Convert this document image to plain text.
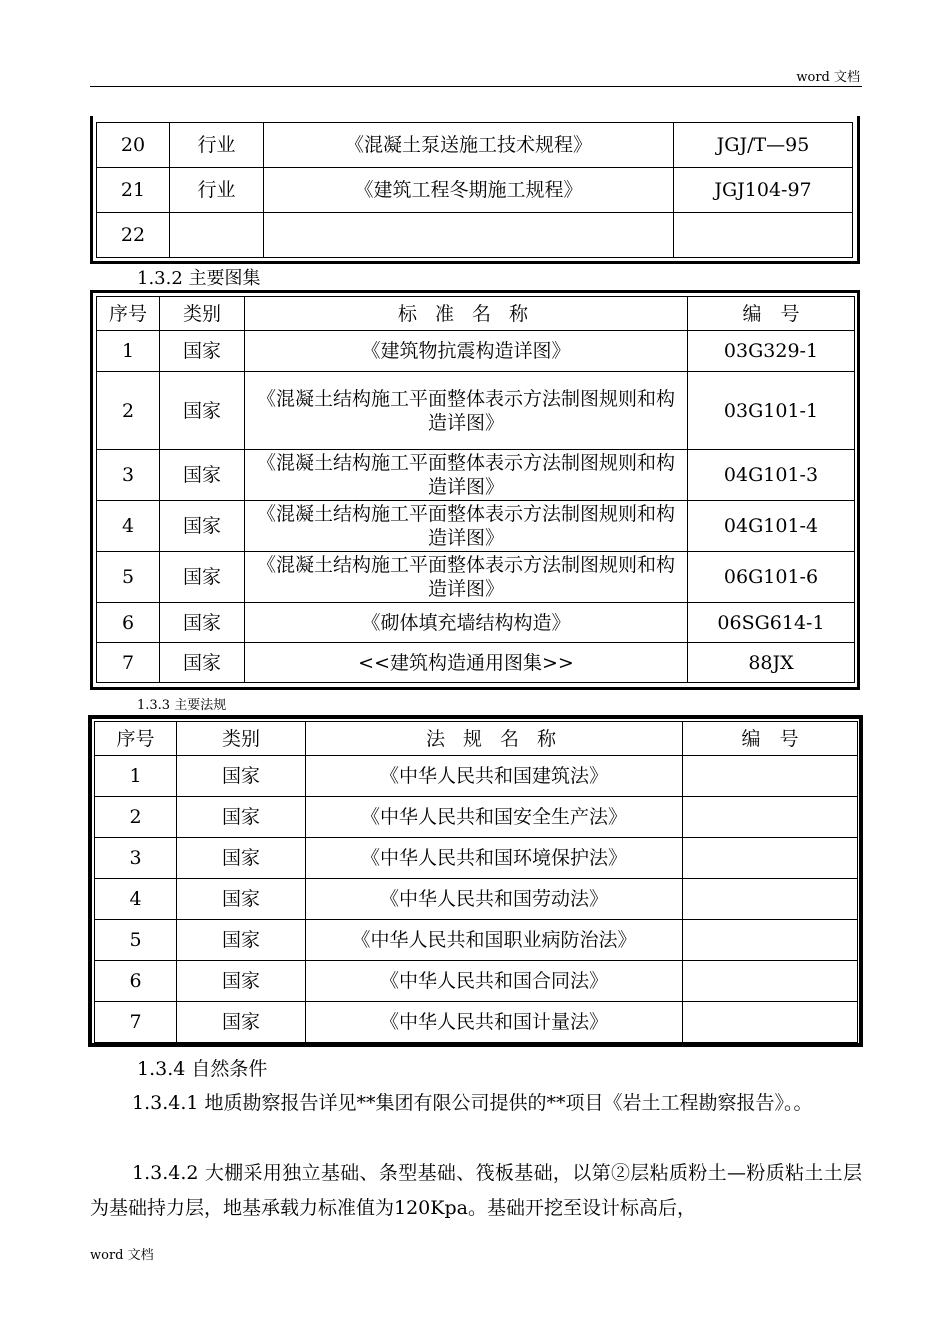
word 文档
20	行业	《混凝土泵送施工技术规程》	JGJ/T—95
21	行业	《建筑工程冬期施工规程》	JGJ104-97
22			
1.3.2 主要图集
序号	类别	标 准 名 称	编　号
1	国家	《建筑物抗震构造详图》	03G329-1
2	国家	《混凝土结构施工平面整体表示方法制图规则和构造详图》	03G101-1
3	国家	《混凝土结构施工平面整体表示方法制图规则和构造详图》	04G101-3
4	国家	《混凝土结构施工平面整体表示方法制图规则和构造详图》	04G101-4
5	国家	《混凝土结构施工平面整体表示方法制图规则和构造详图》	06G101-6
6	国家	《砌体填充墙结构构造》	06SG614-1
7	国家	<<建筑构造通用图集>>	88JX
1.3.3 主要法规
序号	类别	法 规 名 称	编　号
1	国家	《中华人民共和国建筑法》	
2	国家	《中华人民共和国安全生产法》	
3	国家	《中华人民共和国环境保护法》	
4	国家	《中华人民共和国劳动法》	
5	国家	《中华人民共和国职业病防治法》	
6	国家	《中华人民共和国合同法》	
7	国家	《中华人民共和国计量法》	
1.3.4 自然条件
1.3.4.1 地质勘察报告详见**集团有限公司提供的**项目《岩土工程勘察报告》。。
1.3.4.2 大棚采用独立基础、条型基础、筏板基础，以第②层粘质粉土—粉质粘土土层为基础持力层，地基承载力标准值为120Kpa。基础开挖至设计标高后，
word 文档
